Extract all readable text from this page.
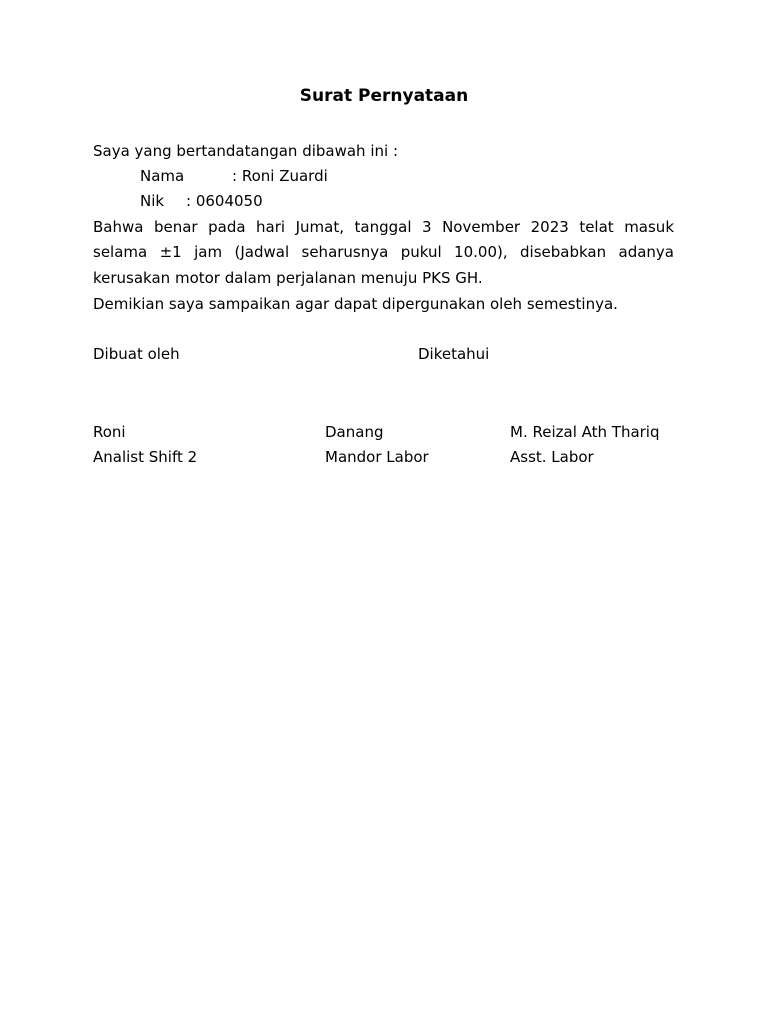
Surat Pernyataan
Saya yang bertandatangan dibawah ini :
Nama	: Roni Zuardi
Nik : 0604050
Bahwa benar pada hari Jumat, tanggal 3 November 2023 telat masuk
selama ±1 jam (Jadwal seharusnya pukul 10.00), disebabkan adanya
kerusakan motor dalam perjalanan menuju PKS GH.
Demikian saya sampaikan agar dapat dipergunakan oleh semestinya.
Dibuat oleh	Diketahui
Roni
Analist Shift 2
Danang
Mandor Labor
M. Reizal Ath Thariq
Asst. Labor
